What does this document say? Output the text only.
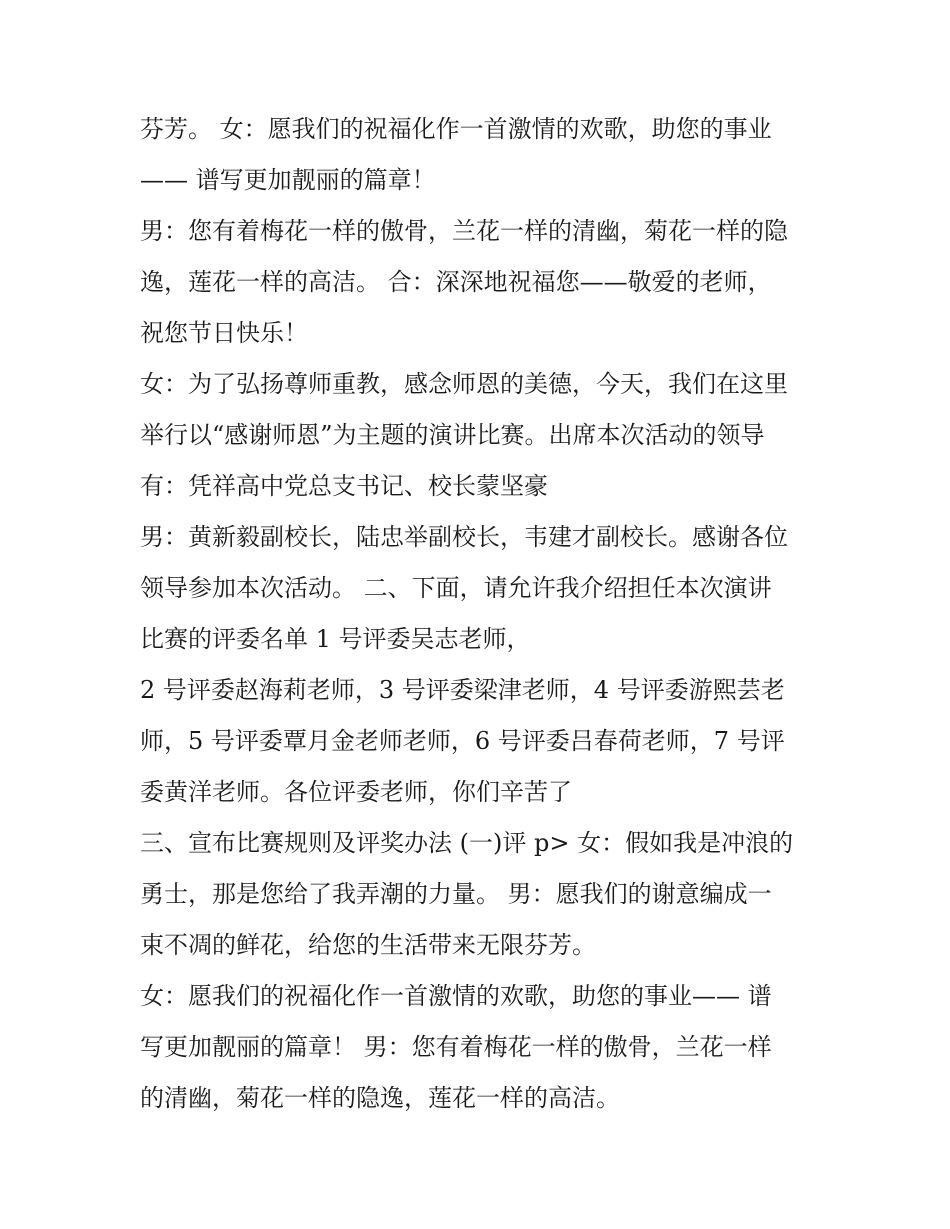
芬芳。 女：愿我们的祝福化作一首激情的欢歌，助您的事业
—— 谱写更加靓丽的篇章！
男：您有着梅花一样的傲骨，兰花一样的清幽，菊花一样的隐
逸，莲花一样的高洁。 合：深深地祝福您——敬爱的老师，
祝您节日快乐！
女：为了弘扬尊师重教，感念师恩的美德，今天，我们在这里
举行以“感谢师恩”为主题的演讲比赛。出席本次活动的领导
有：凭祥高中党总支书记、校长蒙坚豪
男：黄新毅副校长，陆忠举副校长，韦建才副校长。感谢各位
领导参加本次活动。 二、下面，请允许我介绍担任本次演讲
比赛的评委名单 1 号评委吴志老师，
2 号评委赵海莉老师，3 号评委梁津老师，4 号评委游熙芸老
师，5 号评委覃月金老师老师，6 号评委吕春荷老师，7 号评
委黄洋老师。各位评委老师，你们辛苦了
三、宣布比赛规则及评奖办法 (一)评 p> 女：假如我是冲浪的
勇士，那是您给了我弄潮的力量。 男：愿我们的谢意编成一
束不凋的鲜花，给您的生活带来无限芬芳。
女：愿我们的祝福化作一首激情的欢歌，助您的事业—— 谱
写更加靓丽的篇章！ 男：您有着梅花一样的傲骨，兰花一样
的清幽，菊花一样的隐逸，莲花一样的高洁。
